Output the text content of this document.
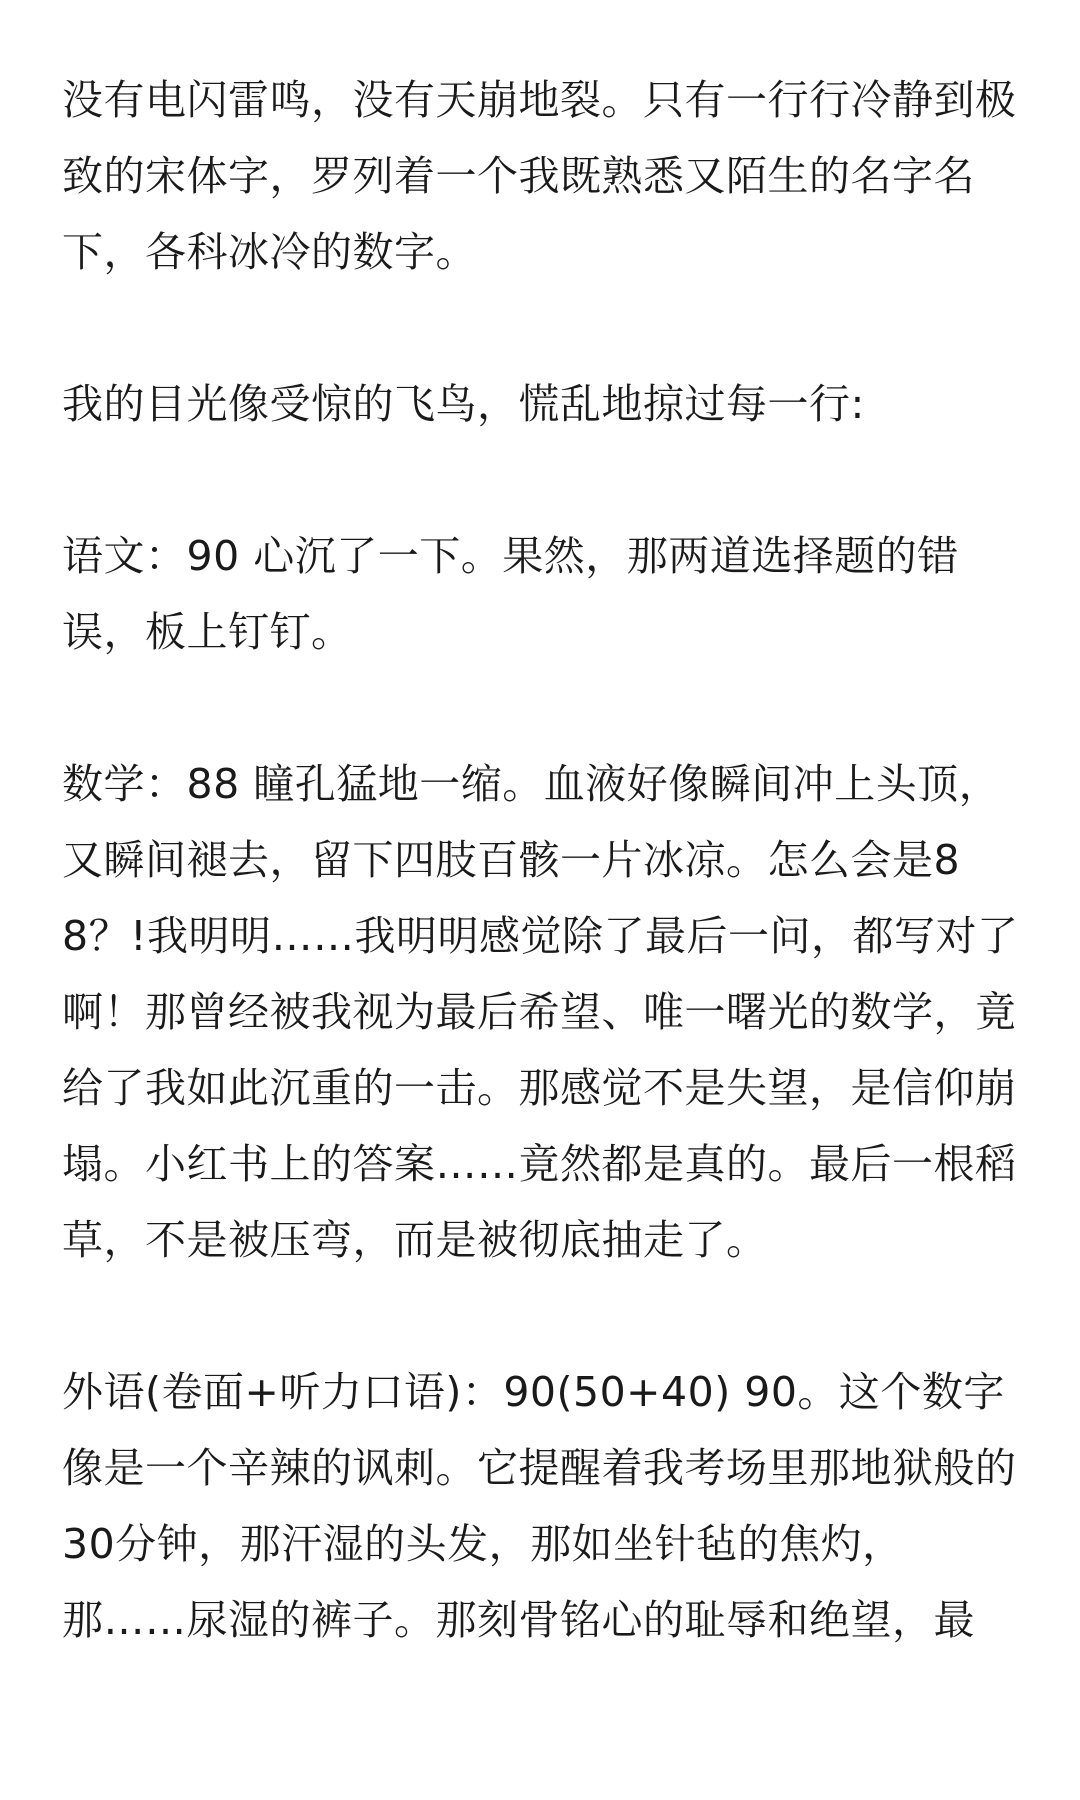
没有电闪雷鸣，没有天崩地裂。只有一行行冷静到极致的宋体字，罗列着一个我既熟悉又陌生的名字名下，各科冰冷的数字。

我的目光像受惊的飞鸟，慌乱地掠过每一行:

语文：90 心沉了一下。果然，那两道选择题的错误，板上钉钉。

数学：88 瞳孔猛地一缩。血液好像瞬间冲上头顶，又瞬间褪去，留下四肢百骸一片冰凉。怎么会是88？!我明明……我明明感觉除了最后一问，都写对了啊！那曾经被我视为最后希望、唯一曙光的数学，竟给了我如此沉重的一击。那感觉不是失望，是信仰崩塌。小红书上的答案……竟然都是真的。最后一根稻草，不是被压弯，而是被彻底抽走了。

外语(卷面+听力口语)：90(50+40) 90。这个数字像是一个辛辣的讽刺。它提醒着我考场里那地狱般的30分钟，那汗湿的头发，那如坐针毡的焦灼，那……尿湿的裤子。那刻骨铭心的耻辱和绝望，最
